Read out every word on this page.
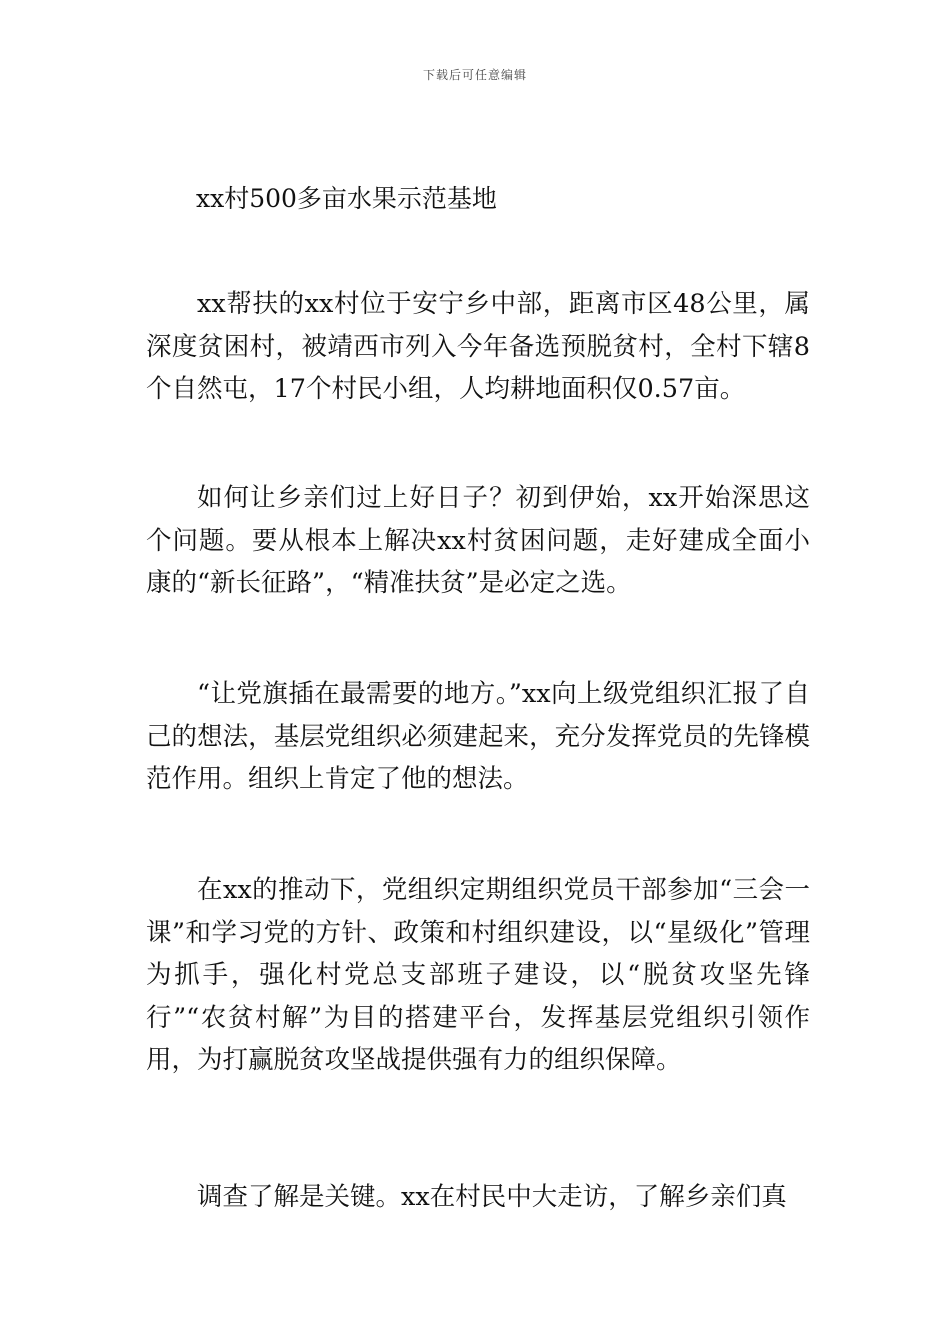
下载后可任意编辑
xx村500多亩水果示范基地

xx帮扶的xx村位于安宁乡中部，距离市区48公里，属深度贫困村，被靖西市列入今年备选预脱贫村，全村下辖8个自然屯，17个村民小组，人均耕地面积仅0.57亩。

如何让乡亲们过上好日子？初到伊始，xx开始深思这个问题。要从根本上解决xx村贫困问题，走好建成全面小康的“新长征路”，“精准扶贫”是必定之选。

“让党旗插在最需要的地方。”xx向上级党组织汇报了自己的想法，基层党组织必须建起来，充分发挥党员的先锋模范作用。组织上肯定了他的想法。

在xx的推动下，党组织定期组织党员干部参加“三会一课”和学习党的方针、政策和村组织建设，以“星级化”管理为抓手，强化村党总支部班子建设，以“脱贫攻坚先锋行”“农贫村解”为目的搭建平台，发挥基层党组织引领作用，为打赢脱贫攻坚战提供强有力的组织保障。

调查了解是关键。xx在村民中大走访，了解乡亲们真
